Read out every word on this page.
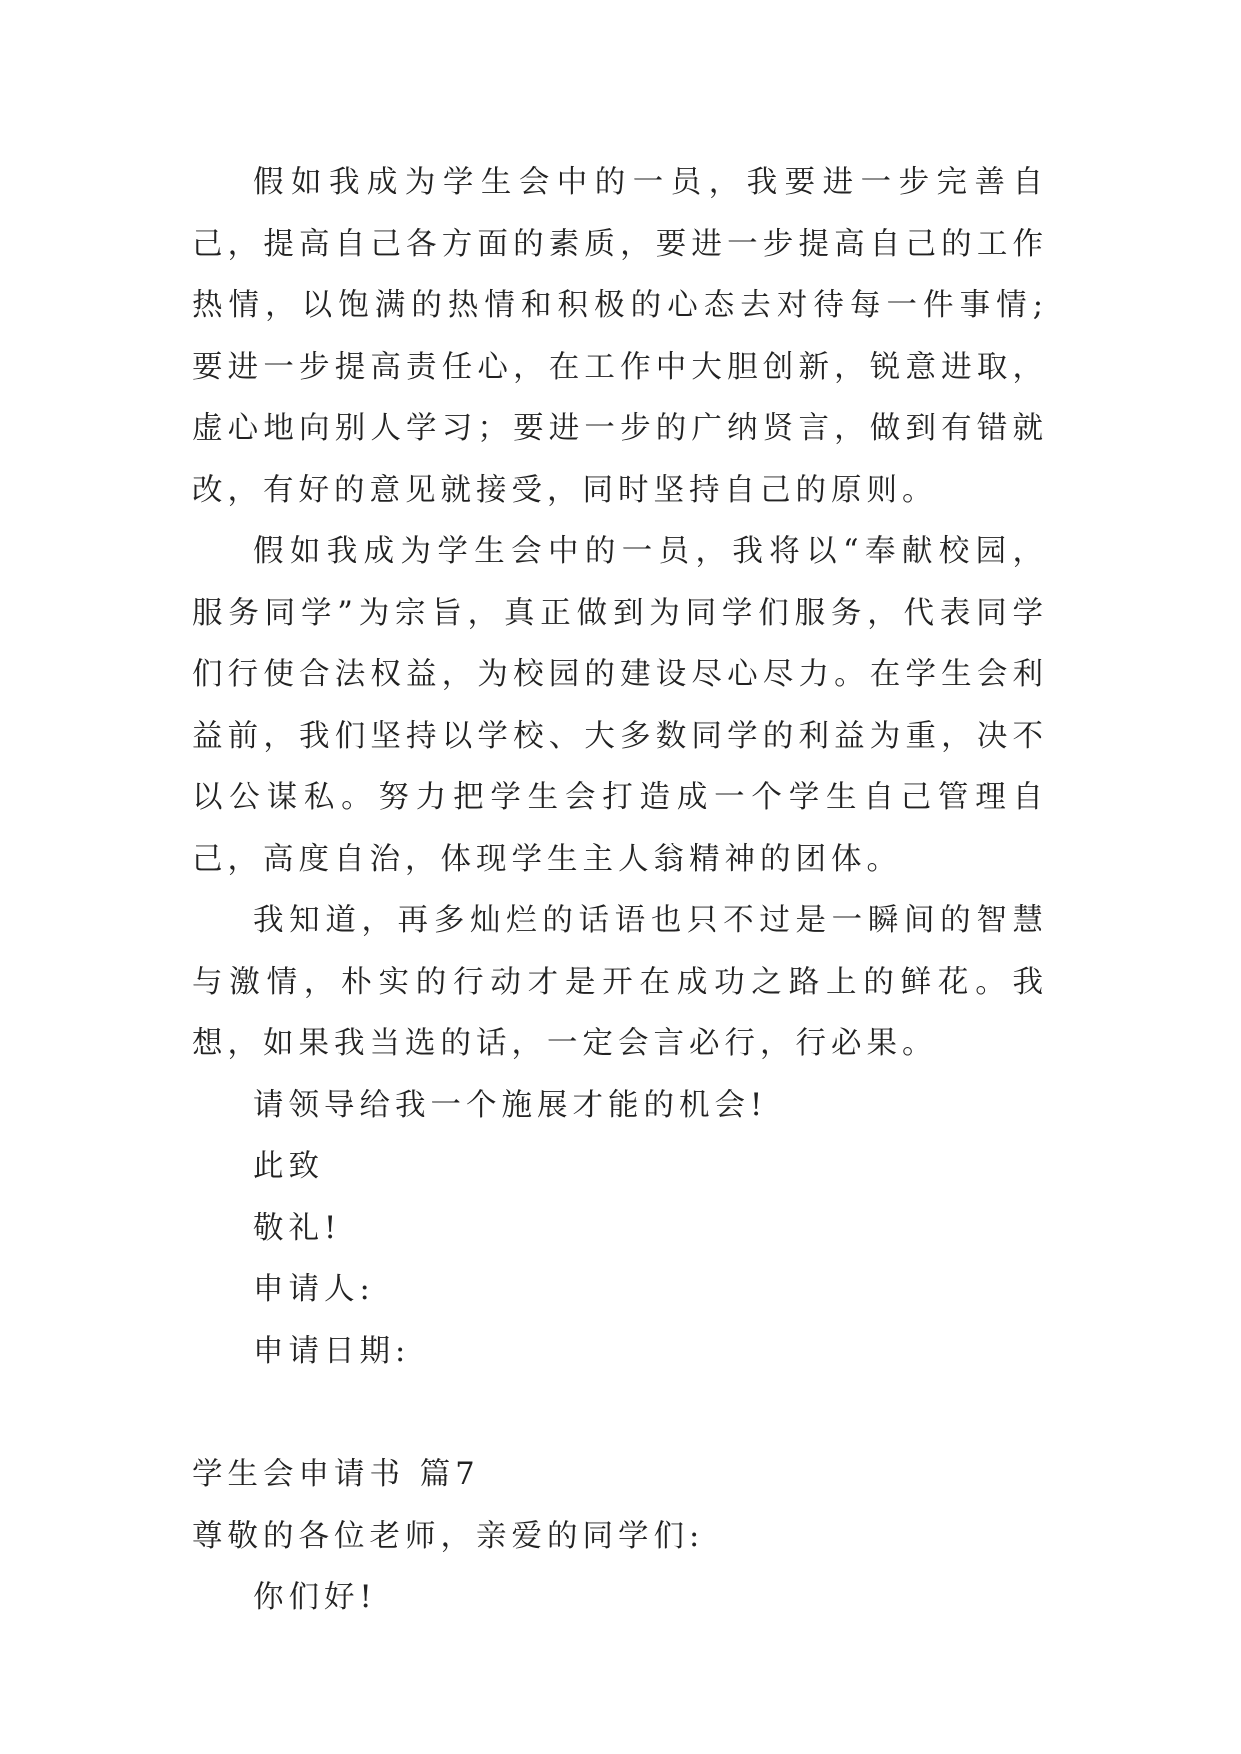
假如我成为学生会中的一员，我要进一步完善自己，提高自己各方面的素质，要进一步提高自己的工作热情，以饱满的热情和积极的心态去对待每一件事情;要进一步提高责任心，在工作中大胆创新，锐意进取，虚心地向别人学习；要进一步的广纳贤言，做到有错就改，有好的意见就接受，同时坚持自己的原则。

假如我成为学生会中的一员，我将以“奉献校园，服务同学”为宗旨，真正做到为同学们服务，代表同学们行使合法权益，为校园的建设尽心尽力。在学生会利益前，我们坚持以学校、大多数同学的利益为重，决不以公谋私。努力把学生会打造成一个学生自己管理自己，高度自治，体现学生主人翁精神的团体。

我知道，再多灿烂的话语也只不过是一瞬间的智慧与激情，朴实的行动才是开在成功之路上的鲜花。我想，如果我当选的话，一定会言必行，行必果。

请领导给我一个施展才能的机会!

此致

敬礼!

申请人:

申请日期:

学生会申请书 篇7

尊敬的各位老师，亲爱的同学们:

你们好!
